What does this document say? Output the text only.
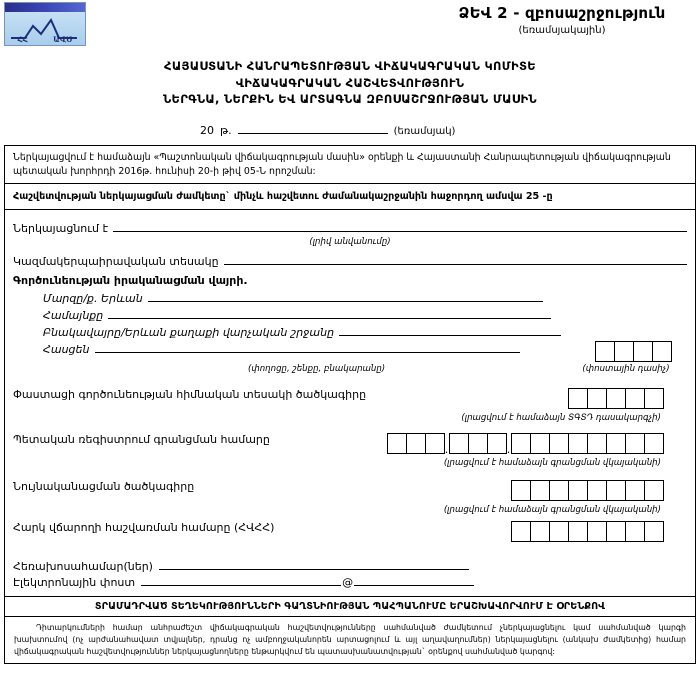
ՀՀ	ԱՎԾ
ՁԵՎ 2 - զբոսաշրջություն
(եռամսյակային)
ՀԱՅԱՍՏԱՆԻ ՀԱՆՐԱՊԵՏՈՒԹՅԱՆ ՎԻՃԱԿԱԳՐԱԿԱՆ ԿՈՄԻՏԵ
ՎԻՃԱԿԱԳՐԱԿԱՆ ՀԱՇՎԵՏՎՈՒԹՅՈՒՆ
ՆԵՐԳՆԱ, ՆԵՐՔԻՆ ԵՎ ԱՐՏԱԳՆԱ ԶԲՈՍԱՇՐՋՈՒԹՅԱՆ ՄԱՍԻՆ
20 թ.	(եռամսյակ)
Ներկայացվում է համաձայն «Պաշտոնական վիճակագրության մասին» օրենքի և Հայաստանի Հանրապետության վիճակագրության պետական խորհրդի 2016թ. հունիսի 20-ի թիվ 05-Ն որոշման:
Հաշվետվության ներկայացման ժամկետը` մինչև հաշվետու ժամանակաշրջանին հաջորդող ամսվա 25 -ը
Ներկայացնում է
(լրիվ անվանումը)
Կազմակերպաիրավական տեսակը
Գործունեության իրականացման վայրի.
Մարզը/ք. Երևան
Համայնքը
Բնակավայրը/Երևան քաղաքի վարչական շրջանը
Հասցեն
(փողոցը, շենքը, բնակարանը)	(փոստային դասիչ)
Փաստացի գործունեության հիմնական տեսակի ծածկագիրը
(լրացվում է համաձայն ՏԳՏԴ դասակարգչի)
Պետական ռեգիստրում գրանցման համարը
.	.
(լրացվում է համաձայն գրանցման վկայականի)
Նույնականացման ծածկագիրը
(լրացվում է համաձայն գրանցման վկայականի)
Հարկ վճարողի հաշվառման համարը (ՀՎՀՀ)
Հեռախոսահամար(ներ)
Էլեկտրոնային փոստ	@
ՏՐԱՄԱԴՐՎԱԾ ՏԵՂԵԿՈՒԹՅՈՒՆՆԵՐԻ ԳԱՂՏՆԻՈՒԹՅԱՆ ՊԱՀՊԱՆՈՒՄԸ ԵՐԱՇԽԱՎՈՐՎՈՒՄ Է ՕՐԵՆՔՈՎ
Դիտարկումների համար անհրաժեշտ վիճակագրական հաշվետվությունները սահմանված ժամկետում չներկայացնելու կամ սահմանված կարգի խախտումով (ոչ արժանահավատ տվյալներ, դրանց ոչ ամբողջականորեն արտացոլում և այլ աղավաղումներ) ներկայացնելու (անկախ ժամկետից) համար վիճակագրական հաշվետվություններ ներկայացնողները ենթարկվում են պատասխանատվության` օրենքով սահմանված կարգով:
